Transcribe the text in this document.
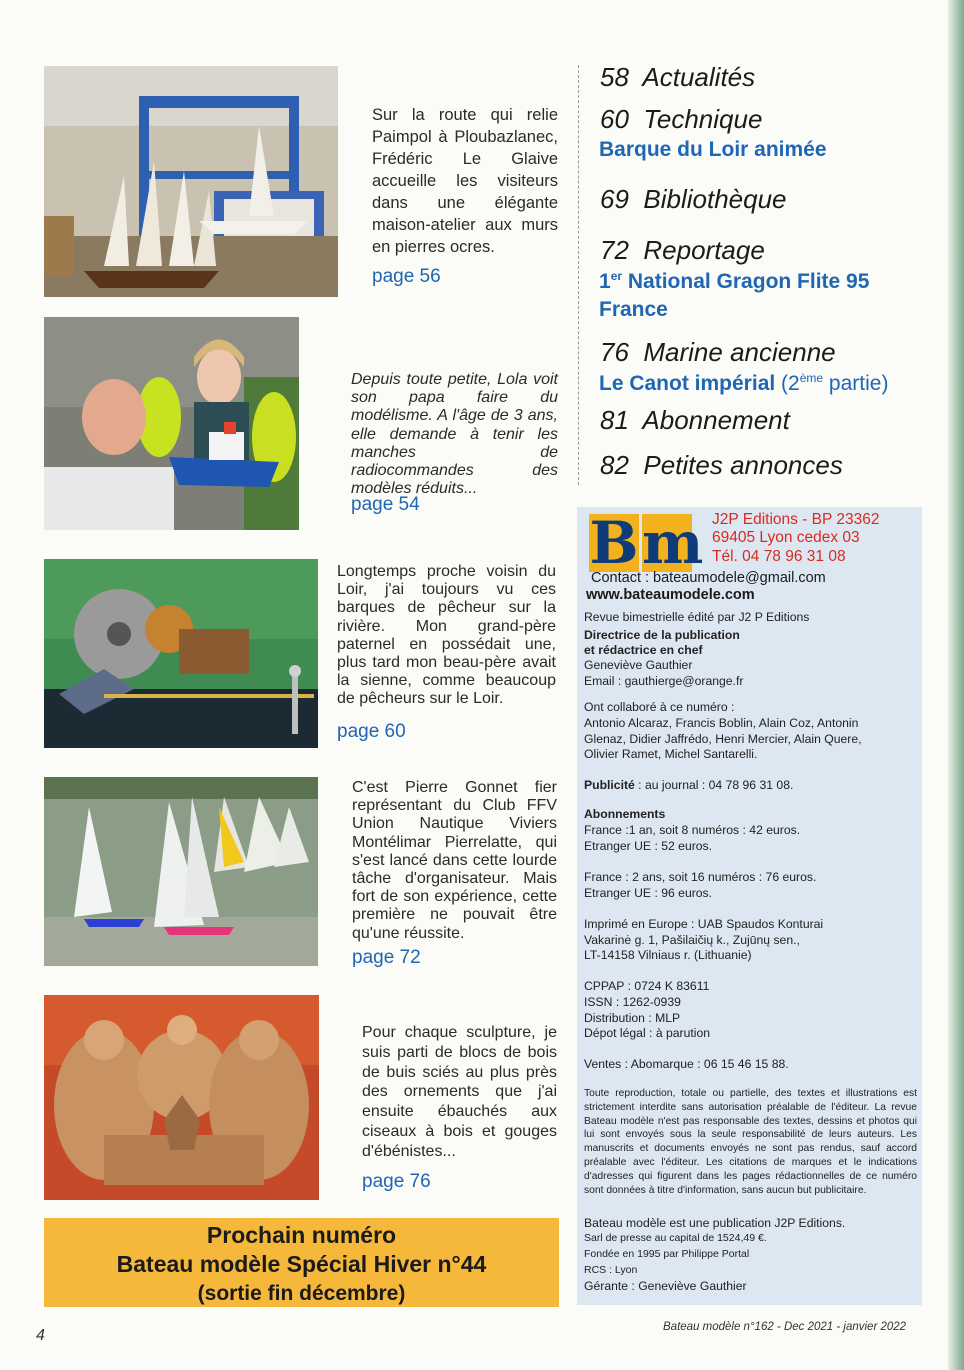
Sur la route qui relie Paimpol à Ploubazlanec, Frédéric Le Glaive accueille les visiteurs dans une élégante maison-atelier aux murs en pierres ocres.
page 56
Depuis toute petite, Lola voit son papa faire du modélisme. A l'âge de 3 ans, elle demande à tenir les manches de radiocommandes des modèles réduits...
page 54
Longtemps proche voisin du Loir, j'ai toujours vu ces barques de pêcheur sur la rivière. Mon grand-père paternel en possédait une, plus tard mon beau-père avait la sienne, comme beaucoup de pêcheurs sur le Loir.
page 60
C'est Pierre Gonnet fier représentant du Club FFV Union Nautique Viviers Montélimar Pierrelatte, qui s'est lancé dans cette lourde tâche d'organisateur. Mais fort de son expérience, cette première ne pouvait être qu'une réussite.
page 72
Pour chaque sculpture, je suis parti de blocs de bois de buis sciés au plus près des ornements que j'ai ensuite ébauchés aux ciseaux à bois et gouges d'ébénistes...
page 76
58 Actualités
60 Technique
Barque du Loir animée
69 Bibliothèque
72 Reportage
1er National Gragon Flite 95
France
76 Marine ancienne
Le Canot impérial (2ème partie)
81 Abonnement
82 Petites annonces
B m J2P Editions - BP 23362
69405 Lyon cedex 03
Tél. 04 78 96 31 08
Contact : bateaumodele@gmail.com
www.bateaumodele.com
Revue bimestrielle édité par J2 P Editions
Directrice de la publication
et rédactrice en chef
Geneviève Gauthier
Email : gauthierge@orange.fr
Ont collaboré à ce numéro :
Antonio Alcaraz, Francis Boblin, Alain Coz, Antonin
Glenaz, Didier Jaffrédo, Henri Mercier, Alain Quere,
Olivier Ramet, Michel Santarelli.
Publicité : au journal : 04 78 96 31 08.
Abonnements
France :1 an, soit 8 numéros : 42 euros.
Etranger UE : 52 euros.
France : 2 ans, soit 16 numéros : 76 euros.
Etranger UE : 96 euros.
Imprimé en Europe : UAB Spaudos Konturai
Vakarinė g. 1, Pašilaičių k., Zujūnų sen.,
LT-14158 Vilniaus r. (Lithuanie)
CPPAP : 0724 K 83611
ISSN : 1262-0939
Distribution : MLP
Dépot légal : à parution
Ventes : Abomarque : 06 15 46 15 88.
Toute reproduction, totale ou partielle, des textes et illustrations est strictement interdite sans autorisation préalable de l'éditeur. La revue Bateau modèle n'est pas responsable des textes, dessins et photos qui lui sont envoyés sous la seule responsabilité de leurs auteurs. Les manuscrits et documents envoyés ne sont pas rendus, sauf accord préalable avec l'éditeur. Les citations de marques et le indications d'adresses qui figurent dans les pages rédactionnelles de ce numéro sont données à titre d'information, sans aucun but publicitaire.
Bateau modèle est une publication J2P Editions.
Sarl de presse au capital de 1524,49 €.
Fondée en 1995 par Philippe Portal
RCS : Lyon
Gérante : Geneviève Gauthier
Prochain numéro
Bateau modèle Spécial Hiver n°44
(sortie fin décembre)
4	Bateau modèle n°162 - Dec 2021 - janvier 2022
